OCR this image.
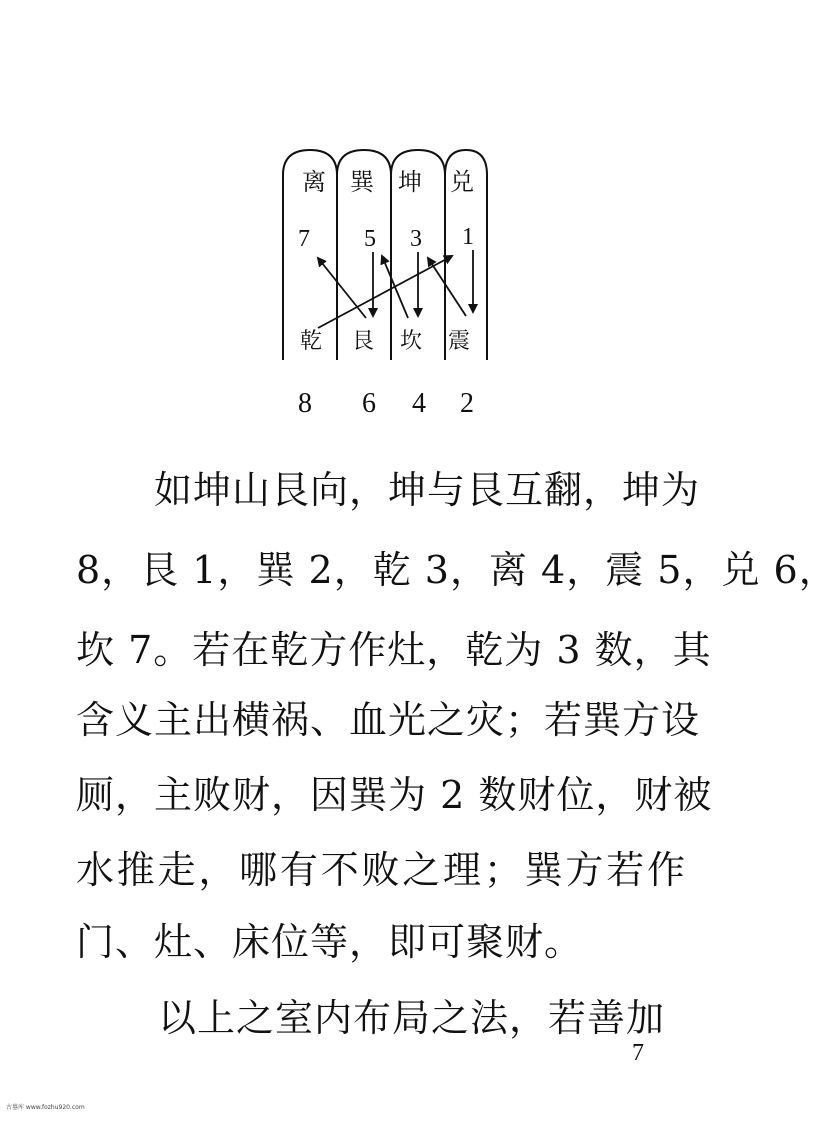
离 巽 坤 兑
7 5 3 1
乾 艮 坎 震
8 6 4 2
如坤山艮向，坤与艮互翻，坤为
8，艮 1，巽 2，乾 3，离 4，震 5，兑 6，
坎 7。若在乾方作灶，乾为 3 数，其
含义主出横祸、血光之灾；若巽方设
厕，主败财，因巽为 2 数财位，财被
水推走，哪有不败之理；巽方若作
门、灶、床位等，即可聚财。
以上之室内布局之法，若善加
7
古墓库 www.fozhu920.com
